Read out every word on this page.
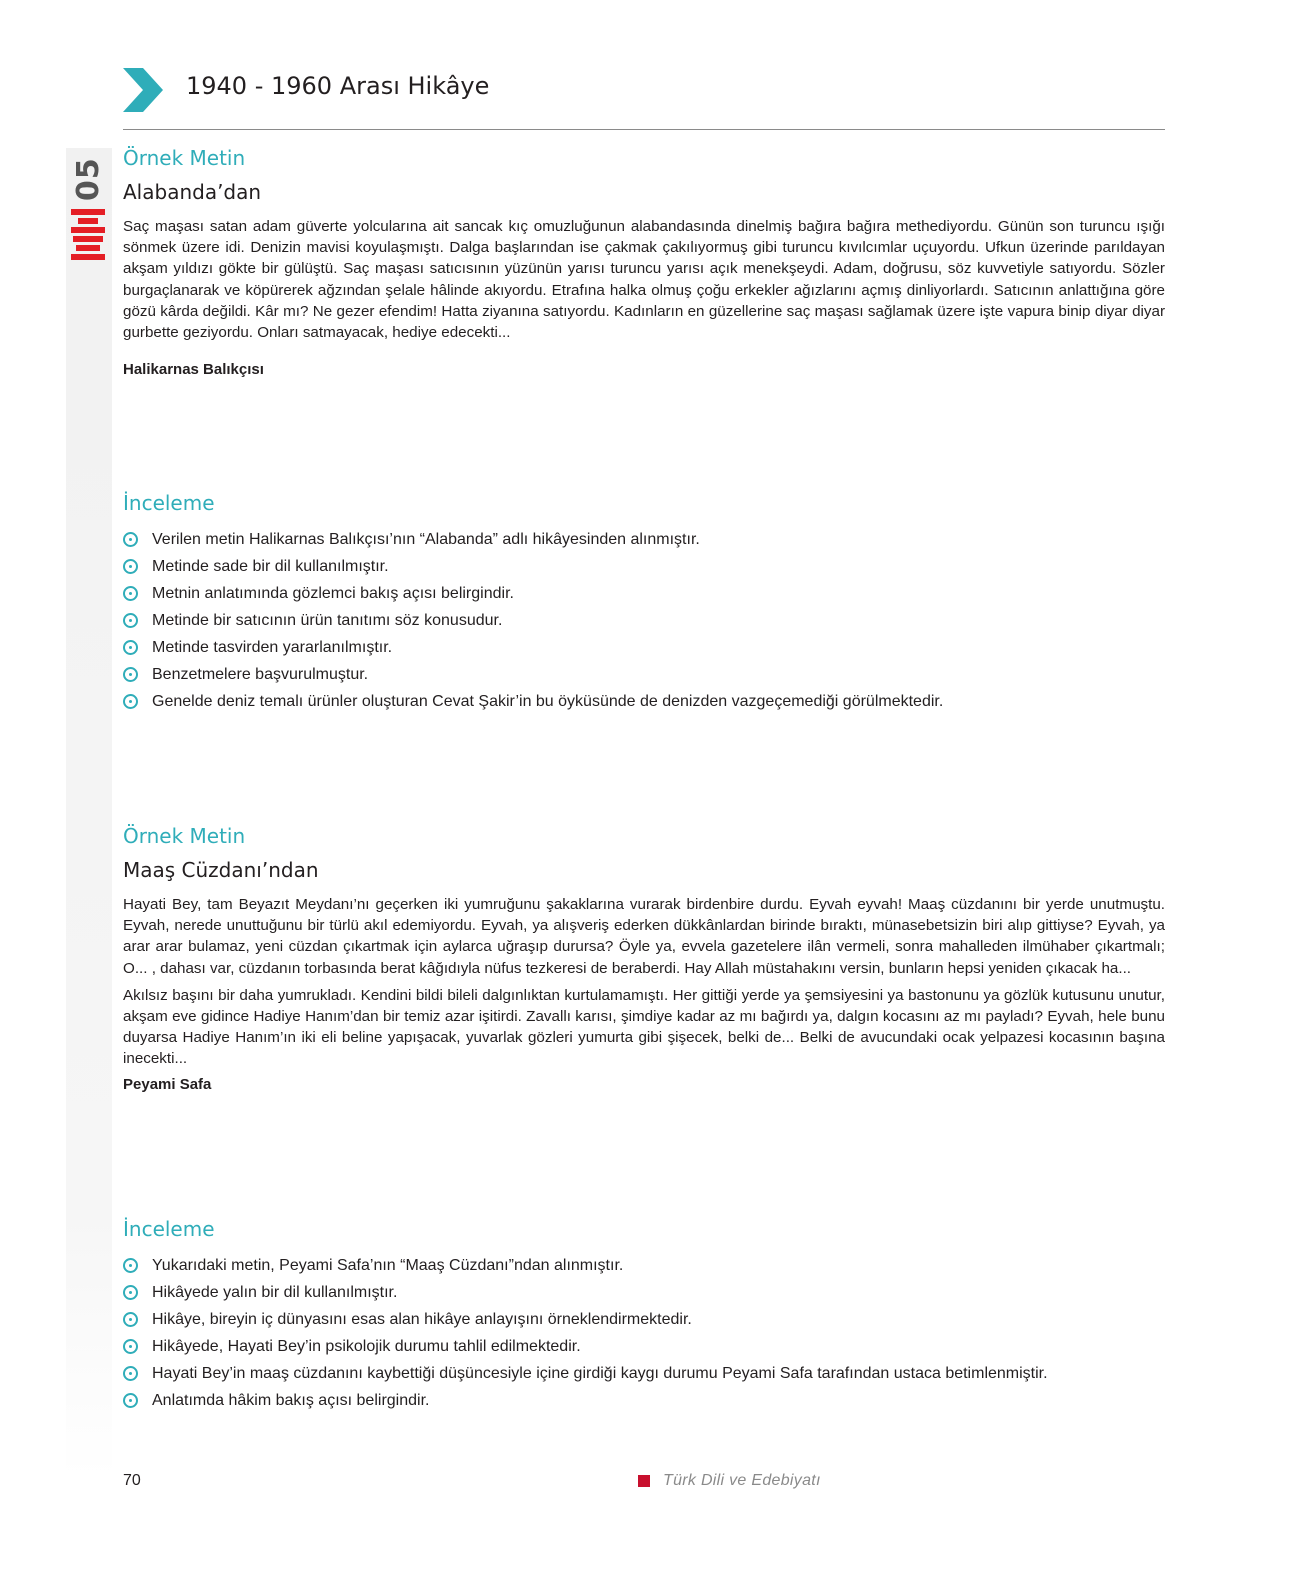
05
1940 - 1960 Arası Hikâye
Örnek Metin
Alabanda’dan

Saç maşası satan adam güverte yolcularına ait sancak kıç omuzluğunun alabandasında dinelmiş bağıra bağıra methediyordu. Günün son turuncu ışığı sönmek üzere idi. Denizin mavisi koyulaşmıştı. Dalga başlarından ise çakmak çakılıyormuş gibi turuncu kıvılcımlar uçuyordu. Ufkun üzerinde parıldayan akşam yıldızı gökte bir gülüştü. Saç maşası satıcısının yüzünün yarısı turuncu yarısı açık menekşeydi. Adam, doğrusu, söz kuvvetiyle satıyordu. Sözler burgaçlanarak ve köpürerek ağzından şelale hâlinde akıyordu. Etrafına halka olmuş çoğu erkekler ağızlarını açmış dinliyorlardı. Satıcının anlattığına göre gözü kârda değildi. Kâr mı? Ne gezer efendim! Hatta ziyanına satıyordu. Kadınların en güzellerine saç maşası sağlamak üzere işte vapura binip diyar diyar gurbette geziyordu. Onları satmayacak, hediye edecekti...

Halikarnas Balıkçısı

İnceleme
Verilen metin Halikarnas Balıkçısı’nın “Alabanda” adlı hikâyesinden alınmıştır.
Metinde sade bir dil kullanılmıştır.
Metnin anlatımında gözlemci bakış açısı belirgindir.
Metinde bir satıcının ürün tanıtımı söz konusudur.
Metinde tasvirden yararlanılmıştır.
Benzetmelere başvurulmuştur.
Genelde deniz temalı ürünler oluşturan Cevat Şakir’in bu öyküsünde de denizden vazgeçemediği görülmektedir.
Örnek Metin
Maaş Cüzdanı’ndan

Hayati Bey, tam Beyazıt Meydanı’nı geçerken iki yumruğunu şakaklarına vurarak birdenbire durdu. Eyvah eyvah! Maaş cüzdanını bir yerde unutmuştu. Eyvah, nerede unuttuğunu bir türlü akıl edemiyordu. Eyvah, ya alışveriş ederken dükkânlardan birinde bıraktı, münasebetsizin biri alıp gittiyse? Eyvah, ya arar arar bulamaz, yeni cüzdan çıkartmak için aylarca uğraşıp durursa? Öyle ya, evvela gazetelere ilân vermeli, sonra mahalleden ilmühaber çıkartmalı; O... , dahası var, cüzdanın torbasında berat kâğıdıyla nüfus tezkeresi de beraberdi. Hay Allah müstahakını versin, bunların hepsi yeniden çıkacak ha...

Akılsız başını bir daha yumrukladı. Kendini bildi bileli dalgınlıktan kurtulamamıştı. Her gittiği yerde ya şemsiyesini ya bastonunu ya gözlük kutusunu unutur, akşam eve gidince Hadiye Hanım’dan bir temiz azar işitirdi. Zavallı karısı, şimdiye kadar az mı bağırdı ya, dalgın kocasını az mı payladı? Eyvah, hele bunu duyarsa Hadiye Hanım’ın iki eli beline yapışacak, yuvarlak gözleri yumurta gibi şişecek, belki de... Belki de avucundaki ocak yelpazesi kocasının başına inecekti...

Peyami Safa

İnceleme
Yukarıdaki metin, Peyami Safa’nın “Maaş Cüzdanı”ndan alınmıştır.
Hikâyede yalın bir dil kullanılmıştır.
Hikâye, bireyin iç dünyasını esas alan hikâye anlayışını örneklendirmektedir.
Hikâyede, Hayati Bey’in psikolojik durumu tahlil edilmektedir.
Hayati Bey’in maaş cüzdanını kaybettiği düşüncesiyle içine girdiği kaygı durumu Peyami Safa tarafından ustaca betimlenmiştir.
Anlatımda hâkim bakış açısı belirgindir.
70	Türk Dili ve Edebiyatı
